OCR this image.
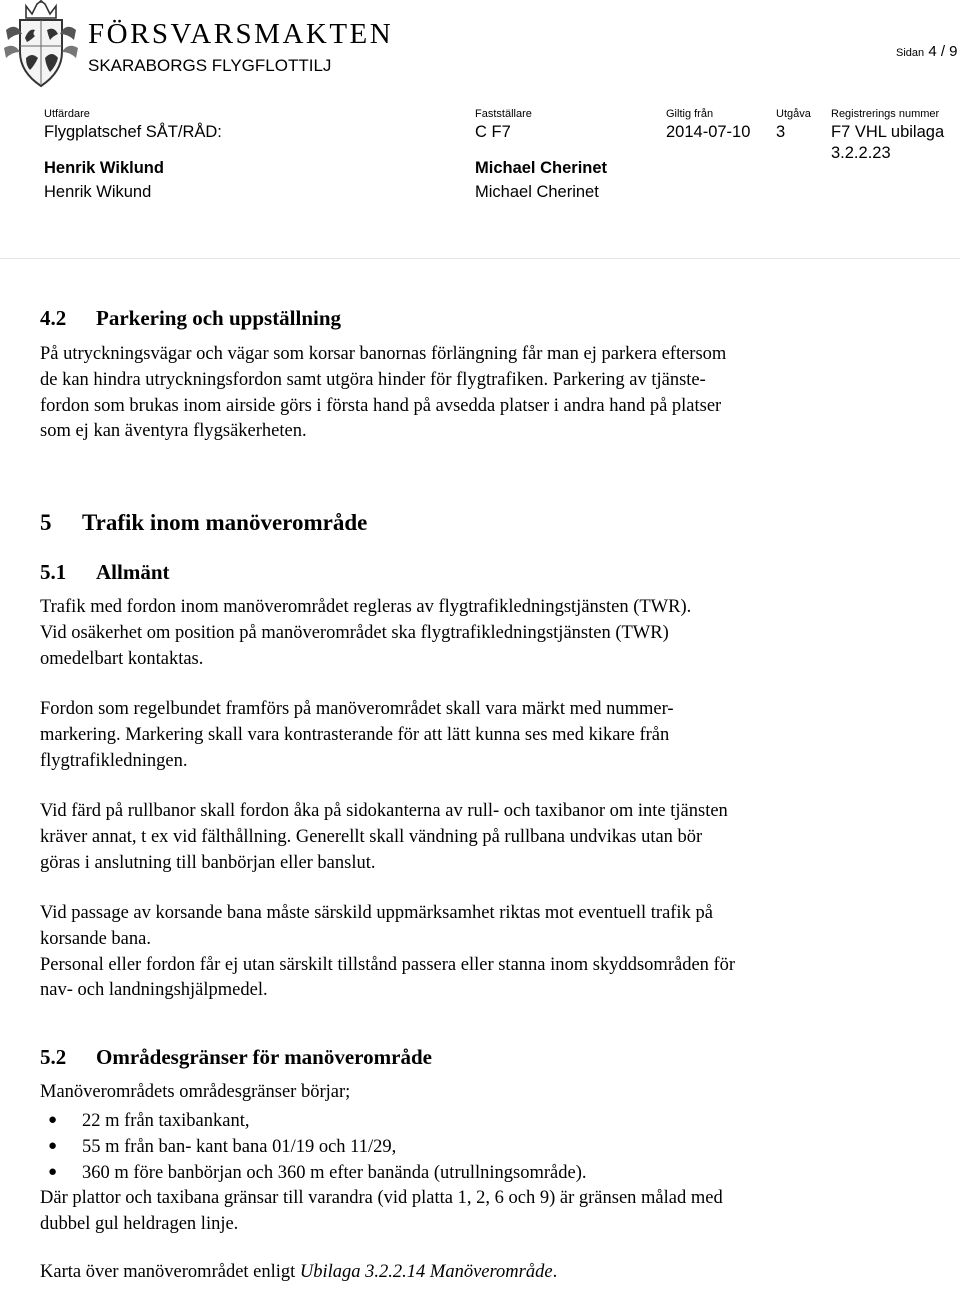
FÖRSVARSMAKTEN
SKARABORGS FLYGFLOTTILJ
Sidan 4 / 9
Utfärdare
Flygplatschef SÅT/RÅD:
Henrik Wiklund
Henrik Wikund
Fastställare
C F7
Michael Cherinet
Michael Cherinet
Giltig från
2014-07-10
Utgåva
3
Registrerings nummer
F7 VHL ubilaga
3.2.2.23
4.2 Parkering och uppställning
På utryckningsvägar och vägar som korsar banornas förlängning får man ej parkera eftersom
de kan hindra utryckningsfordon samt utgöra hinder för flygtrafiken. Parkering av tjänste-
fordon som brukas inom airside görs i första hand på avsedda platser i andra hand på platser
som ej kan äventyra flygsäkerheten.
5 Trafik inom manöverområde
5.1 Allmänt
Trafik med fordon inom manöverområdet regleras av flygtrafikledningstjänsten (TWR).
Vid osäkerhet om position på manöverområdet ska flygtrafikledningstjänsten (TWR)
omedelbart kontaktas.
Fordon som regelbundet framförs på manöverområdet skall vara märkt med nummer-
markering. Markering skall vara kontrasterande för att lätt kunna ses med kikare från
flygtrafikledningen.
Vid färd på rullbanor skall fordon åka på sidokanterna av rull- och taxibanor om inte tjänsten
kräver annat, t ex vid fälthållning. Generellt skall vändning på rullbana undvikas utan bör
göras i anslutning till banbörjan eller banslut.
Vid passage av korsande bana måste särskild uppmärksamhet riktas mot eventuell trafik på
korsande bana.
Personal eller fordon får ej utan särskilt tillstånd passera eller stanna inom skyddsområden för
nav- och landningshjälpmedel.
5.2 Områdesgränser för manöverområde
Manöverområdets områdesgränser börjar;
● 22 m från taxibankant,
● 55 m från ban- kant bana 01/19 och 11/29,
● 360 m före banbörjan och 360 m efter banända (utrullningsområde).
Där plattor och taxibana gränsar till varandra (vid platta 1, 2, 6 och 9) är gränsen målad med
dubbel gul heldragen linje.
Karta över manöverområdet enligt Ubilaga 3.2.2.14 Manöverområde.
